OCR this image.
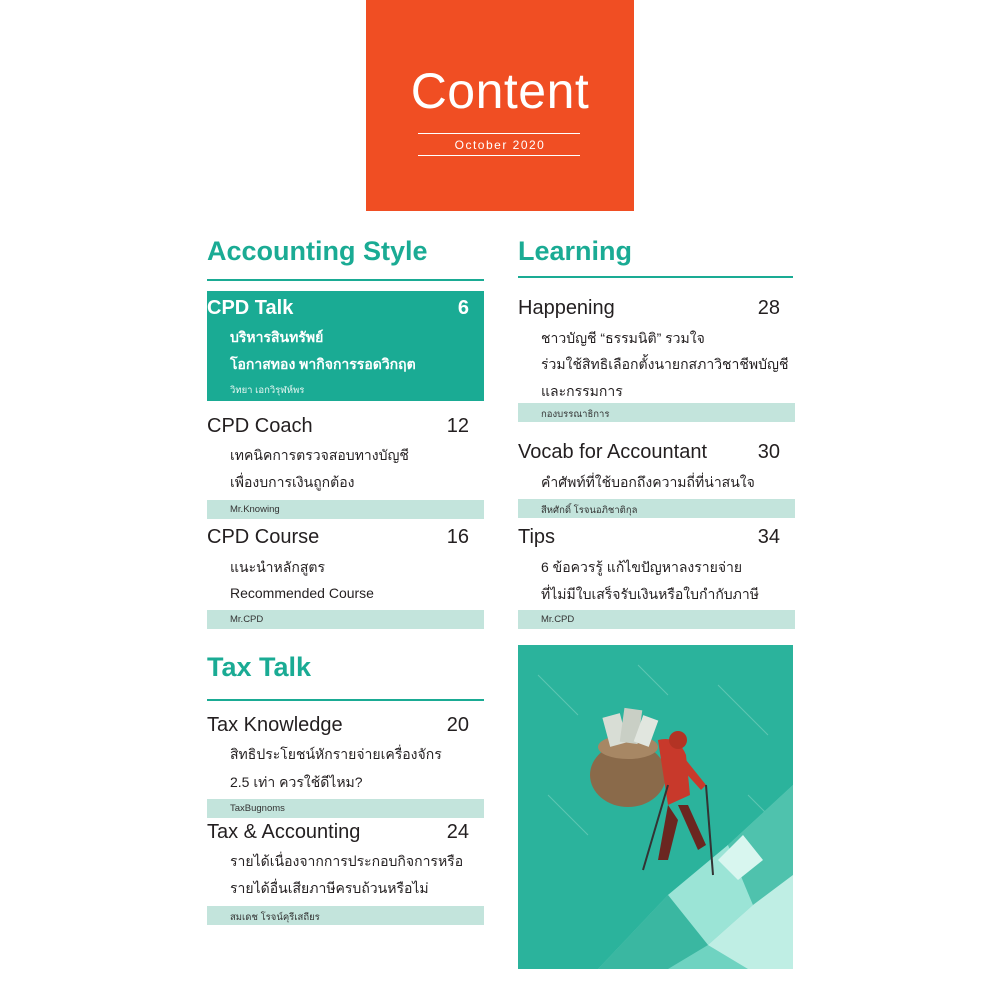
Content
October 2020
Accounting Style
CPD Talk	6
บริหารสินทรัพย์
โอกาสทอง พากิจการรอดวิกฤต
วิทยา เอกวิรุฬห์พร
CPD Coach	12
เทคนิคการตรวจสอบทางบัญชี
เพื่องบการเงินถูกต้อง
Mr.Knowing
CPD Course	16
แนะนำหลักสูตร
Recommended Course
Mr.CPD
Tax Talk
Tax Knowledge	20
สิทธิประโยชน์หักรายจ่ายเครื่องจักร
2.5 เท่า ควรใช้ดีไหม?
TaxBugnoms
Tax & Accounting	24
รายได้เนื่องจากการประกอบกิจการหรือ
รายได้อื่นเสียภาษีครบถ้วนหรือไม่
สมเดช โรจน์คุรีเสถียร
Learning
Happening	28
ชาวบัญชี “ธรรมนิติ” รวมใจ
ร่วมใช้สิทธิเลือกตั้งนายกสภาวิชาชีพบัญชี
และกรรมการ
กองบรรณาธิการ
Vocab for Accountant	30
คำศัพท์ที่ใช้บอกถึงความถี่ที่น่าสนใจ
สีหศักดิ์ โรจนอภิชาติกุล
Tips	34
6 ข้อควรรู้ แก้ไขปัญหาลงรายจ่าย
ที่ไม่มีใบเสร็จรับเงินหรือใบกำกับภาษี
Mr.CPD
